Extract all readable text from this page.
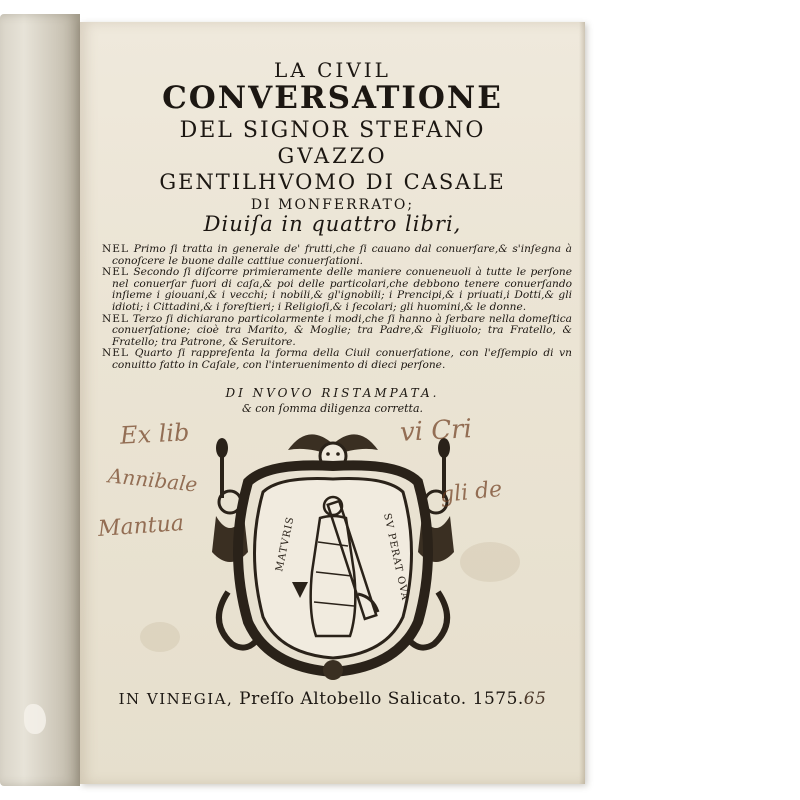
LA CIVIL
CONVERSATIONE
DEL SIGNOR STEFANO
GVAZZO
GENTILHVOMO DI CASALE
DI MONFERRATO;
Diuiſa in quattro libri,

NEL Primo ſi tratta in generale de' frutti,che ſi cauano dal conuerſare,& s'inſegna à conoſcere le buone dalle cattiue conuerſationi.

NEL Secondo ſi diſcorre primieramente delle maniere conueneuoli à tutte le perſone nel conuerſar fuori di caſa,& poi delle particolari,che debbono tenere conuerſando inſieme i giouani,& i vecchi; i nobili,& gl'ignobili; i Prencipi,& i priuati,i Dotti,& gli idioti; i Cittadini,& i foreſtieri; i Religioſi,& i ſecolari; gli huomini,& le donne.

NEL Terzo ſi dichiarano particolarmente i modi,che ſi hanno à ſerbare nella domeſtica conuerſatione; cioè tra Marito, & Moglie; tra Padre,& Figliuolo; tra Fratello, & Fratello; tra Patrone, & Seruitore.

NEL Quarto ſi rappreſenta la forma della Ciuil conuerſatione, con l'eſſempio di vn conuitto fatto in Caſale, con l'interuenimento di dieci perſone.

DI NVOVO RISTAMPATA.
& con ſomma diligenza corretta.
MATVRIS	SV PERAT OVA
Ex lib
Annibale
Mantua
vi Cri
gli de
IN VINEGIA, Preſſo Altobello Salicato. 1575.65
